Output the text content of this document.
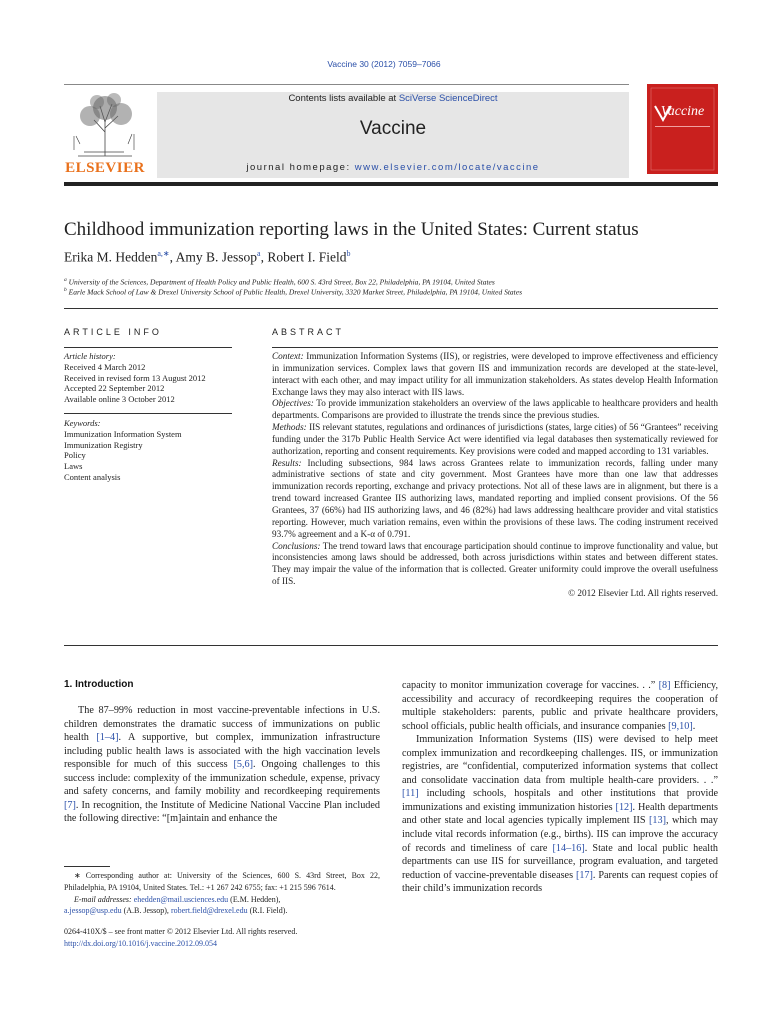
Vaccine 30 (2012) 7059–7066
ELSEVIER
Contents lists available at SciVerse ScienceDirect
Vaccine
journal homepage: www.elsevier.com/locate/vaccine
Vaccine
Childhood immunization reporting laws in the United States: Current status
Erika M. Hedden$^{a,∗}$, Amy B. Jessop$^a$, Robert I. Field$^b$
$^a$ University of the Sciences, Department of Health Policy and Public Health, 600 S. 43rd Street, Box 22, Philadelphia, PA 19104, United States
$^b$ Earle Mack School of Law & Drexel University School of Public Health, Drexel University, 3320 Market Street, Philadelphia, PA 19104, United States
ARTICLE INFO
Article history:
Received 4 March 2012
Received in revised form 13 August 2012
Accepted 22 September 2012
Available online 3 October 2012
Keywords:
Immunization Information System
Immunization Registry
Policy
Laws
Content analysis
ABSTRACT

Context: Immunization Information Systems (IIS), or registries, were developed to improve effectiveness and efficiency in immunization services. Complex laws that govern IIS and immunization records are developed at the state-level, interact with each other, and may impact utility for all immunization stakeholders. As states develop Health Information Exchange laws they may also interact with IIS laws.

Objectives: To provide immunization stakeholders an overview of the laws applicable to healthcare providers and health departments. Comparisons are provided to illustrate the trends since the previous studies.

Methods: IIS relevant statutes, regulations and ordinances of jurisdictions (states, large cities) of 56 “Grantees” receiving funding under the 317b Public Health Service Act were identified via legal databases then systematically reviewed for authorization, reporting and consent requirements. Key provisions were coded and mapped according to 131 variables.

Results: Including subsections, 984 laws across Grantees relate to immunization records, falling under many administrative sections of state and city government. Most Grantees have more than one law that addresses immunization records reporting, exchange and privacy protections. Not all of these laws are in alignment, but there is a trend toward increased Grantee IIS authorizing laws, mandated reporting and implied consent provisions. Of the 56 Grantees, 37 (66%) had IIS authorizing laws, and 46 (82%) had laws addressing healthcare provider and vital statistics reporting. However, much variation remains, even within the provisions of these laws. The coding instrument received 93.7% agreement and a K-α of 0.791.

Conclusions: The trend toward laws that encourage participation should continue to improve functionality and value, but inconsistencies among laws should be addressed, both across jurisdictions within states and between different states. They may impair the value of the information that is collected. Greater uniformity could improve the overall usefulness of IIS.

© 2012 Elsevier Ltd. All rights reserved.

1. Introduction

The 87–99% reduction in most vaccine-preventable infections in U.S. children demonstrates the dramatic success of immunizations on public health [1–4]. A supportive, but complex, immunization infrastructure including public health laws is associated with the high vaccination levels responsible for much of this success [5,6]. Ongoing challenges to this success include: complexity of the immunization schedule, expense, privacy and safety concerns, and family mobility and recordkeeping requirements [7]. In recognition, the Institute of Medicine National Vaccine Plan included the following directive: “[m]aintain and enhance the

∗ Corresponding author at: University of the Sciences, 600 S. 43rd Street, Box 22, Philadelphia, PA 19104, United States. Tel.: +1 267 242 6755; fax: +1 215 596 7614.
E-mail addresses: ehedden@mail.usciences.edu (E.M. Hedden),
a.jessop@usp.edu (A.B. Jessop), robert.field@drexel.edu (R.I. Field).
0264-410X/$ – see front matter © 2012 Elsevier Ltd. All rights reserved.
http://dx.doi.org/10.1016/j.vaccine.2012.09.054

capacity to monitor immunization coverage for vaccines. . .” [8] Efficiency, accessibility and accuracy of recordkeeping requires the cooperation of multiple stakeholders: parents, public and private healthcare providers, school officials, public health officials, and insurance companies [9,10].

Immunization Information Systems (IIS) were devised to help meet complex immunization and recordkeeping challenges. IIS, or immunization registries, are “confidential, computerized information systems that collect and consolidate vaccination data from multiple health-care providers. . .” [11] including schools, hospitals and other institutions that provide immunizations and existing immunization histories [12]. Health departments and other state and local agencies typically implement IIS [13], which may include vital records information (e.g., births). IIS can improve the accuracy of records and timeliness of care [14–16]. State and local public health departments can use IIS for surveillance, program evaluation, and targeted reduction of vaccine-preventable diseases [17]. Parents can request copies of their child’s immunization records
